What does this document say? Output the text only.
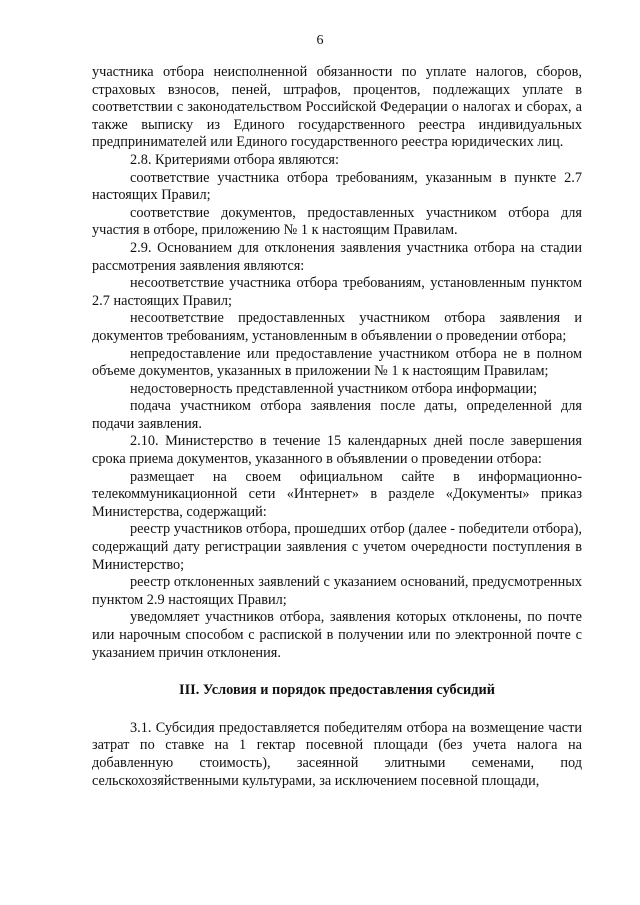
6

участника отбора неисполненной обязанности по уплате налогов, сборов, страховых взносов, пеней, штрафов, процентов, подлежащих уплате в соответствии с законодательством Российской Федерации о налогах и сборах, а также выписку из Единого государственного реестра индивидуальных предпринимателей или Единого государственного реестра юридических лиц.

2.8. Критериями отбора являются:

соответствие участника отбора требованиям, указанным в пункте 2.7 настоящих Правил;

соответствие документов, предоставленных участником отбора для участия в отборе, приложению № 1 к настоящим Правилам.

2.9. Основанием для отклонения заявления участника отбора на стадии рассмотрения заявления являются:

несоответствие участника отбора требованиям, установленным пунктом 2.7 настоящих Правил;

несоответствие предоставленных участником отбора заявления и документов требованиям, установленным в объявлении о проведении отбора;

непредоставление или предоставление участником отбора не в полном объеме документов, указанных в приложении № 1 к настоящим Правилам;

недостоверность представленной участником отбора информации;

подача участником отбора заявления после даты, определенной для подачи заявления.

2.10. Министерство в течение 15 календарных дней после завершения срока приема документов, указанного в объявлении о проведении отбора:

размещает на своем официальном сайте в информационно-телекоммуникационной сети «Интернет» в разделе «Документы» приказ Министерства, содержащий:

реестр участников отбора, прошедших отбор (далее - победители отбора), содержащий дату регистрации заявления с учетом очередности поступления в Министерство;

реестр отклоненных заявлений с указанием оснований, предусмотренных пунктом 2.9 настоящих Правил;

уведомляет участников отбора, заявления которых отклонены, по почте или нарочным способом с распиской в получении или по электронной почте с указанием причин отклонения.

III. Условия и порядок предоставления субсидий

3.1. Субсидия предоставляется победителям отбора на возмещение части затрат по ставке на 1 гектар посевной площади (без учета налога на добавленную стоимость), засеянной элитными семенами, под сельскохозяйственными культурами, за исключением посевной площади,
